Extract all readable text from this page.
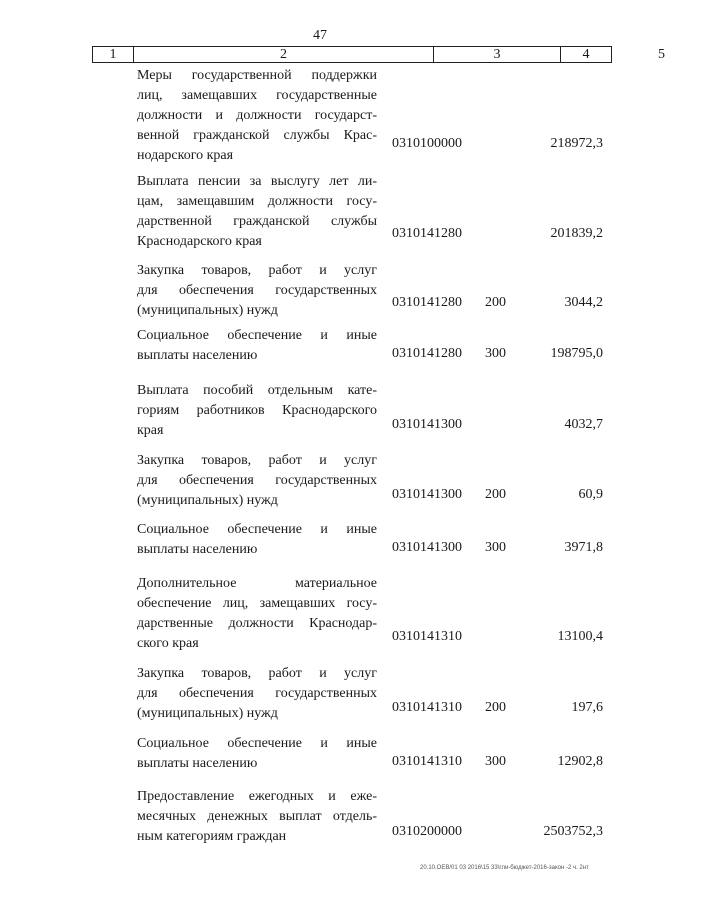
47
1	2	3	4	5
Меры государственной поддержки
лиц, замещавших государственные
должности и должности государст-
венной гражданской службы Крас-
нодарского края
0310100000	218972,3
Выплата пенсии за выслугу лет ли-
цам, замещавшим должности госу-
дарственной гражданской службы
Краснодарского края
0310141280	201839,2
Закупка товаров, работ и услуг
для обеспечения государственных
(муниципальных) нужд
0310141280 200	3044,2
Социальное обеспечение и иные
выплаты населению	0310141280 300	198795,0
Выплата пособий отдельным кате-
гориям работников Краснодарского
края	0310141300	4032,7
Закупка товаров, работ и услуг
для обеспечения государственных
(муниципальных) нужд	0310141300 200	60,9
Социальное обеспечение и иные
выплаты населению	0310141300 300	3971,8
Дополнительное материальное
обеспечение лиц, замещавших госу-
дарственные должности Краснодар-
ского края	0310141310	13100,4
Закупка товаров, работ и услуг
для обеспечения государственных
(муниципальных) нужд	0310141310 200	197,6
Социальное обеспечение и иные
выплаты населению	0310141310 300	12902,8
Предоставление ежегодных и еже-
месячных денежных выплат отдель-
ным категориям граждан	0310200000	2503752,3
20.10.OEB/01 03 2016\15 33\гли-бюджет-2016-закон -2 ч. 2нт
